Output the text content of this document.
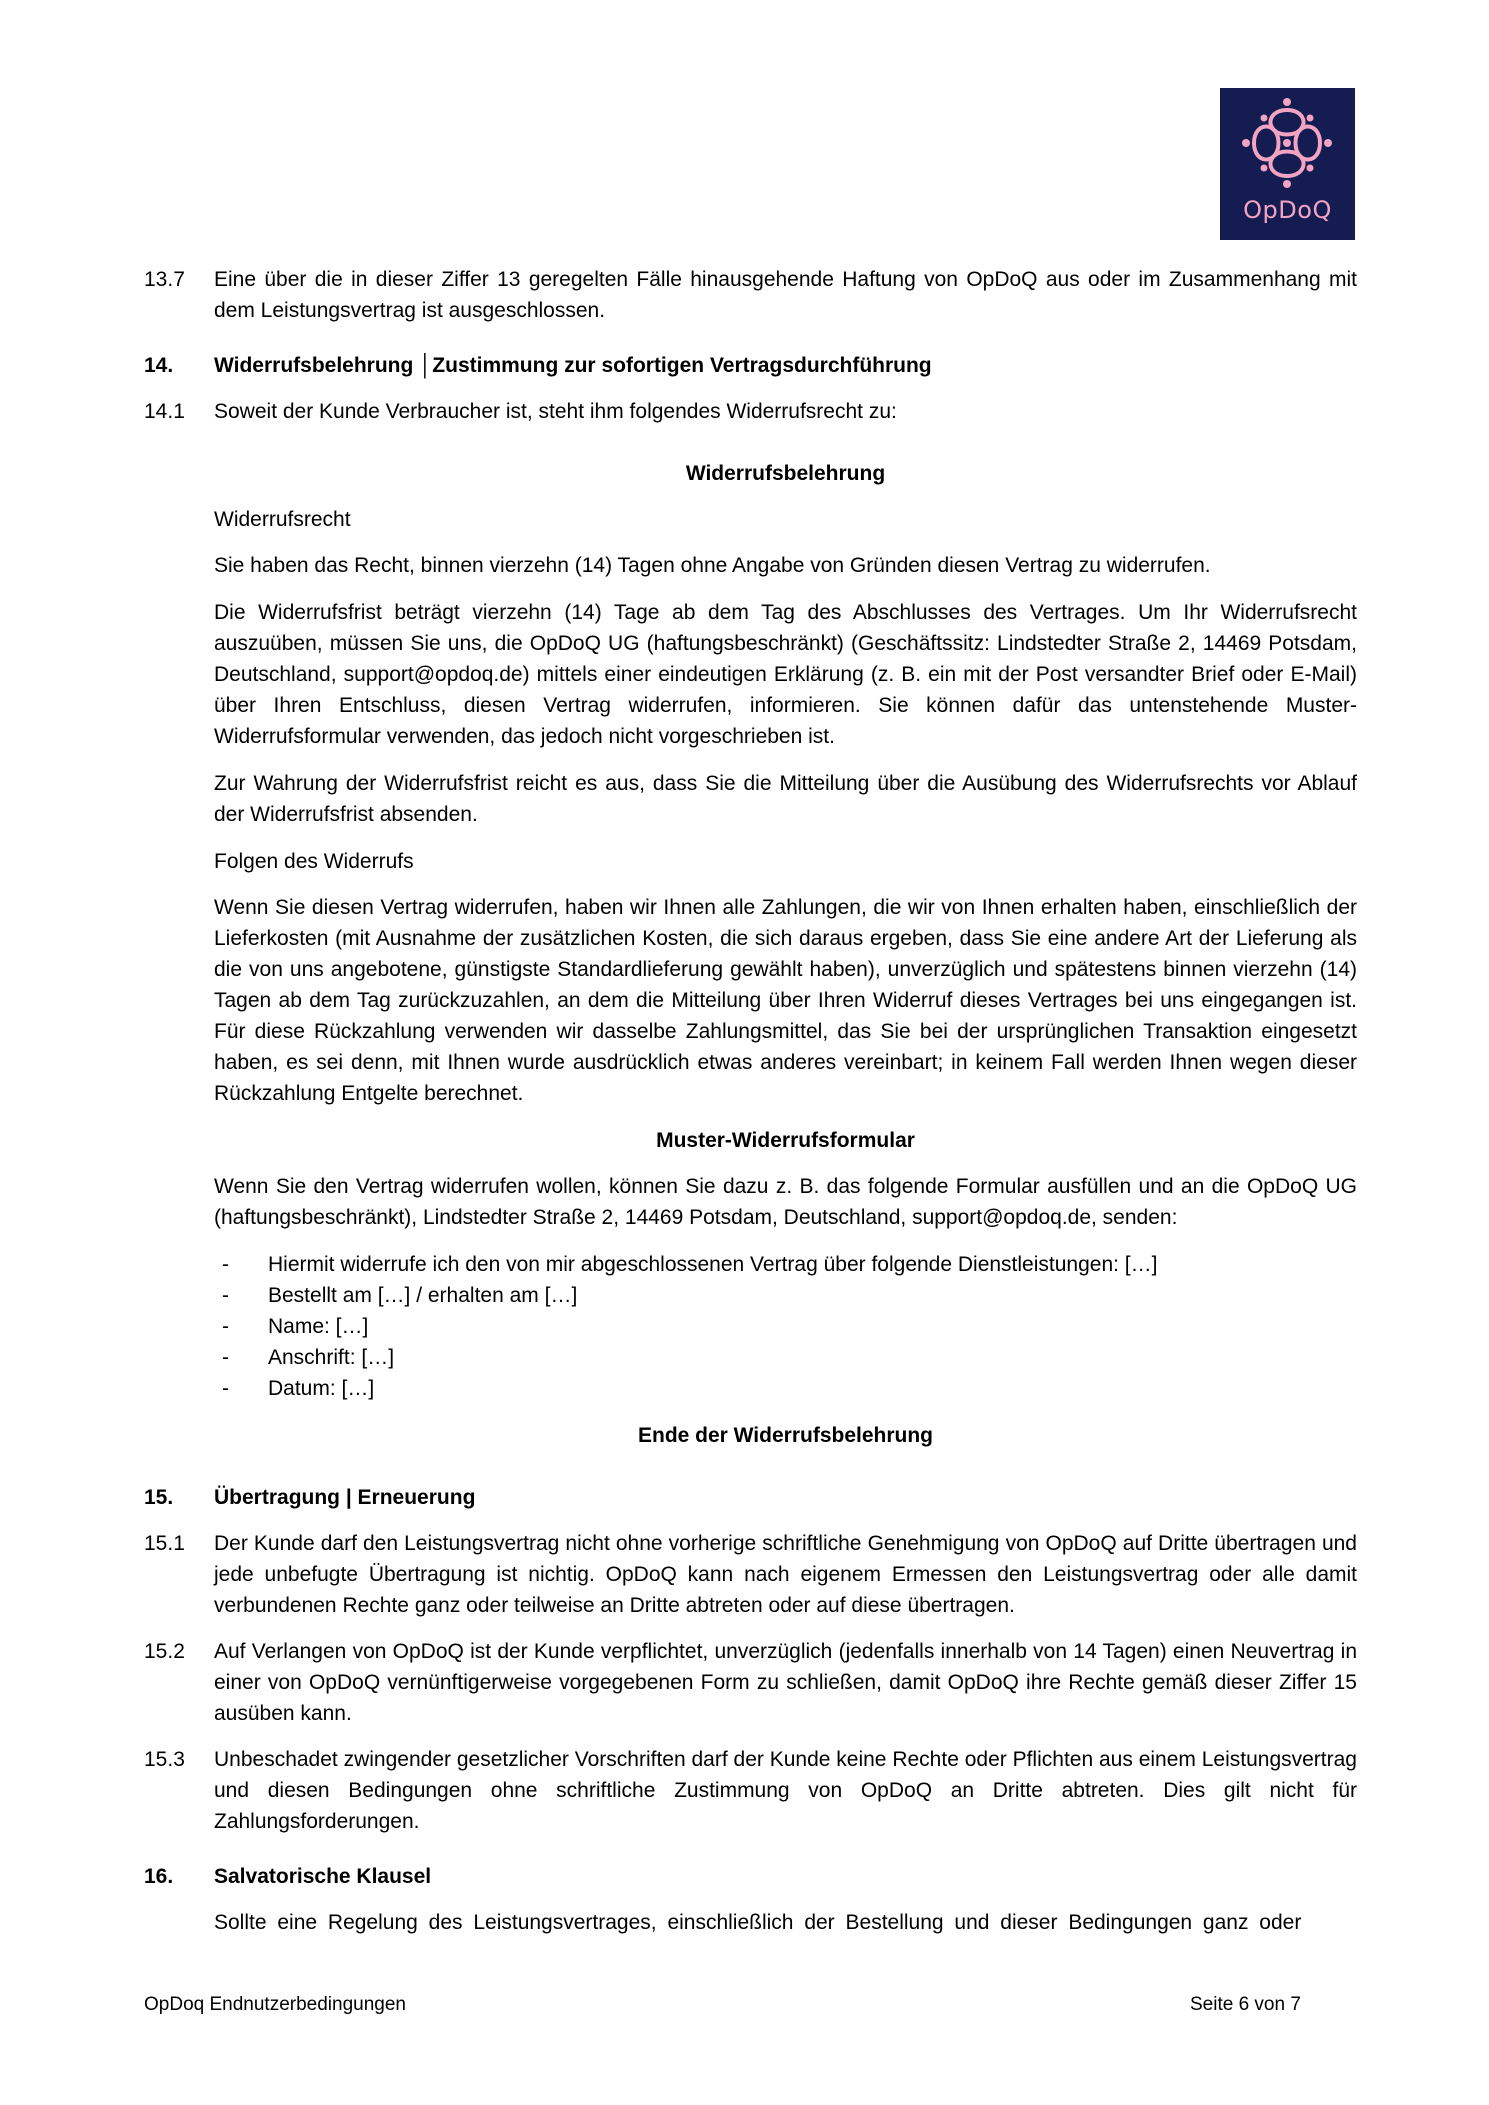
OpDoQ
13.7	Eine über die in dieser Ziffer 13 geregelten Fälle hinausgehende Haftung von OpDoQ aus oder im Zusammenhang mit dem Leistungsvertrag ist ausgeschlossen.
14.	Widerrufsbelehrung │Zustimmung zur sofortigen Vertragsdurchführung
14.1	Soweit der Kunde Verbraucher ist, steht ihm folgendes Widerrufsrecht zu:
Widerrufsbelehrung
Widerrufsrecht
Sie haben das Recht, binnen vierzehn (14) Tagen ohne Angabe von Gründen diesen Vertrag zu widerrufen.
Die Widerrufsfrist beträgt vierzehn (14) Tage ab dem Tag des Abschlusses des Vertrages. Um Ihr Widerrufsrecht auszuüben, müssen Sie uns, die OpDoQ UG (haftungsbeschränkt) (Geschäftssitz: Lindstedter Straße 2, 14469 Potsdam, Deutschland, support@opdoq.de) mittels einer eindeutigen Erklärung (z. B. ein mit der Post versandter Brief oder E-Mail) über Ihren Entschluss, diesen Vertrag widerrufen, informieren. Sie können dafür das untenstehende Muster-Widerrufsformular verwenden, das jedoch nicht vorgeschrieben ist.
Zur Wahrung der Widerrufsfrist reicht es aus, dass Sie die Mitteilung über die Ausübung des Widerrufsrechts vor Ablauf der Widerrufsfrist absenden.
Folgen des Widerrufs
Wenn Sie diesen Vertrag widerrufen, haben wir Ihnen alle Zahlungen, die wir von Ihnen erhalten haben, einschließlich der Lieferkosten (mit Ausnahme der zusätzlichen Kosten, die sich daraus ergeben, dass Sie eine andere Art der Lieferung als die von uns angebotene, günstigste Standardlieferung gewählt haben), unverzüglich und spätestens binnen vierzehn (14) Tagen ab dem Tag zurückzuzahlen, an dem die Mitteilung über Ihren Widerruf dieses Vertrages bei uns eingegangen ist. Für diese Rückzahlung verwenden wir dasselbe Zahlungsmittel, das Sie bei der ursprünglichen Transaktion eingesetzt haben, es sei denn, mit Ihnen wurde ausdrücklich etwas anderes vereinbart; in keinem Fall werden Ihnen wegen dieser Rückzahlung Entgelte berechnet.
Muster-Widerrufsformular
Wenn Sie den Vertrag widerrufen wollen, können Sie dazu z. B. das folgende Formular ausfüllen und an die OpDoQ UG (haftungsbeschränkt), Lindstedter Straße 2, 14469 Potsdam, Deutschland, support@opdoq.de, senden:
- Hiermit widerrufe ich den von mir abgeschlossenen Vertrag über folgende Dienstleistungen: […]
- Bestellt am […] / erhalten am […]
- Name: […]
- Anschrift: […]
- Datum: […]
Ende der Widerrufsbelehrung
15.	Übertragung | Erneuerung
15.1	Der Kunde darf den Leistungsvertrag nicht ohne vorherige schriftliche Genehmigung von OpDoQ auf Dritte übertragen und jede unbefugte Übertragung ist nichtig. OpDoQ kann nach eigenem Ermessen den Leistungsvertrag oder alle damit verbundenen Rechte ganz oder teilweise an Dritte abtreten oder auf diese übertragen.
15.2	Auf Verlangen von OpDoQ ist der Kunde verpflichtet, unverzüglich (jedenfalls innerhalb von 14 Tagen) einen Neuvertrag in einer von OpDoQ vernünftigerweise vorgegebenen Form zu schließen, damit OpDoQ ihre Rechte gemäß dieser Ziffer 15 ausüben kann.
15.3	Unbeschadet zwingender gesetzlicher Vorschriften darf der Kunde keine Rechte oder Pflichten aus einem Leistungsvertrag und diesen Bedingungen ohne schriftliche Zustimmung von OpDoQ an Dritte abtreten. Dies gilt nicht für Zahlungsforderungen.
16.	Salvatorische Klausel
Sollte eine Regelung des Leistungsvertrages, einschließlich der Bestellung und dieser Bedingungen ganz oder
OpDoq Endnutzerbedingungen	Seite 6 von 7
